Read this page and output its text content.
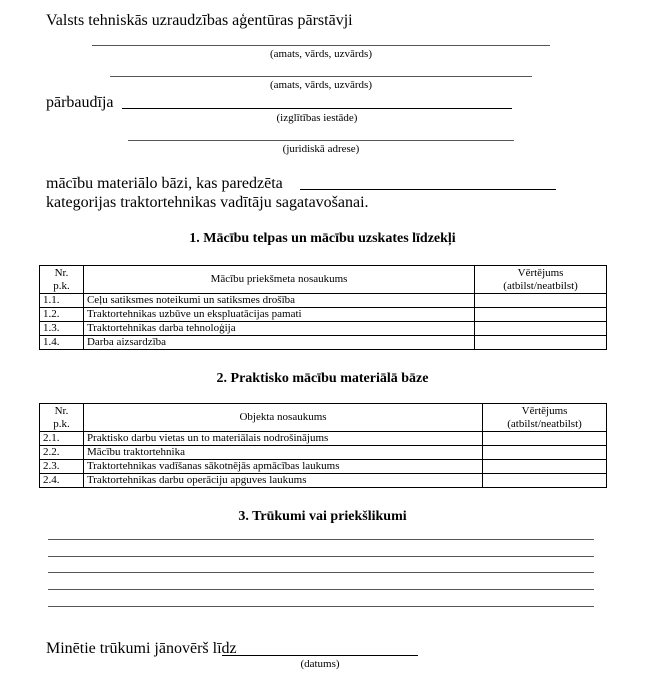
Valsts tehniskās uzraudzības aģentūras pārstāvji
(amats, vārds, uzvārds)
(amats, vārds, uzvārds)
pārbaudīja
(izglītības iestāde)
(juridiskā adrese)
mācību materiālo bāzi, kas paredzēta
kategorijas traktortehnikas vadītāju sagatavošanai.
1. Mācību telpas un mācību uzskates līdzekļi
Nr.
p.k.	Mācību priekšmeta nosaukums	Vērtējums
(atbilst/neatbilst)
1.1.	Ceļu satiksmes noteikumi un satiksmes drošība	
1.2.	Traktortehnikas uzbūve un ekspluatācijas pamati	
1.3.	Traktortehnikas darba tehnoloģija	
1.4.	Darba aizsardzība	
2. Praktisko mācību materiālā bāze
Nr.
p.k.	Objekta nosaukums	Vērtējums
(atbilst/neatbilst)
2.1.	Praktisko darbu vietas un to materiālais nodrošinājums	
2.2.	Mācību traktortehnika	
2.3.	Traktortehnikas vadīšanas sākotnējās apmācības laukums	
2.4.	Traktortehnikas darbu operāciju apguves laukums	
3. Trūkumi vai priekšlikumi
Minētie trūkumi jānovērš līdz
(datums)
